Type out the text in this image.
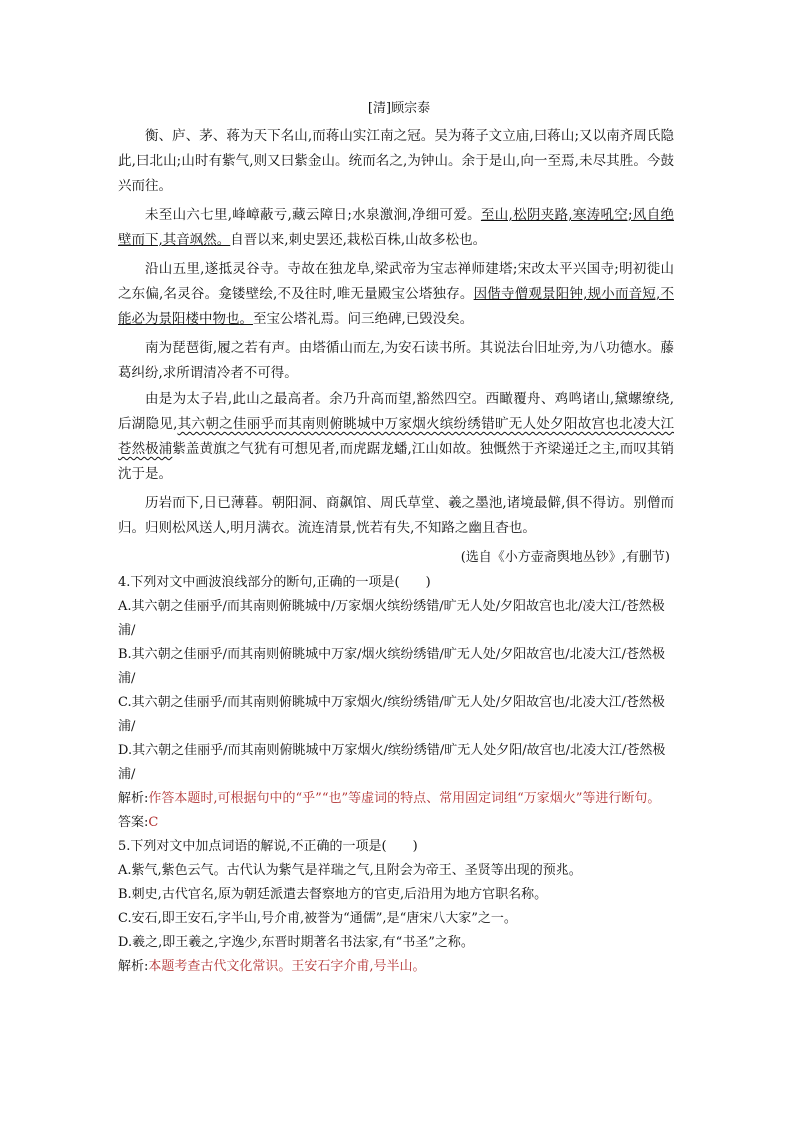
[清]顾宗泰

衡、庐、茅、蒋为天下名山,而蒋山实江南之冠。吴为蒋子文立庙,曰蒋山;又以南齐周氏隐此,曰北山;山时有紫气,则又曰紫金山。统而名之,为钟山。余于是山,向一至焉,未尽其胜。今鼓兴而往。

未至山六七里,峰嶂蔽亏,藏云障日;水泉激涧,净细可爱。至山,松阴夹路,寒涛吼空;风自绝壁而下,其音飒然。自晋以来,刺史罢还,栽松百株,山故多松也。

沿山五里,遂抵灵谷寺。寺故在独龙阜,梁武帝为宝志禅师建塔;宋改太平兴国寺;明初徙山之东偏,名灵谷。龛镂壁绘,不及往时,唯无量殿宝公塔独存。因偕寺僧观景阳钟,规小而音短,不能必为景阳楼中物也。至宝公塔礼焉。问三绝碑,已毁没矣。

南为琵琶街,履之若有声。由塔循山而左,为安石读书所。其说法台旧址旁,为八功德水。藤葛纠纷,求所谓清冷者不可得。

由是为太子岩,此山之最高者。余乃升高而望,豁然四空。西瞰覆舟、鸡鸣诸山,黛螺缭绕,后湖隐见,其六朝之佳丽乎而其南则俯眺城中万家烟火缤纷绣错旷无人处夕阳故宫也北凌大江苍然极浦紫盖黄旗之气犹有可想见者,而虎踞龙蟠,江山如故。独慨然于齐梁递迁之主,而叹其销沈于是。

历岩而下,日已薄暮。朝阳洞、商飙馆、周氏草堂、羲之墨池,诸境最僻,俱不得访。别僧而归。归则松风送人,明月满衣。流连清景,恍若有失,不知路之幽且杳也。

(选自《小方壶斋舆地丛钞》,有删节)

4.下列对文中画波浪线部分的断句,正确的一项是(　　)

A.其六朝之佳丽乎/而其南则俯眺城中/万家烟火缤纷绣错/旷无人处/夕阳故宫也北/凌大江/苍然极浦/

B.其六朝之佳丽乎/而其南则俯眺城中万家/烟火缤纷绣错/旷无人处/夕阳故宫也/北凌大江/苍然极浦/

C.其六朝之佳丽乎/而其南则俯眺城中万家烟火/缤纷绣错/旷无人处/夕阳故宫也/北凌大江/苍然极浦/

D.其六朝之佳丽乎/而其南则俯眺城中万家烟火/缤纷绣错/旷无人处夕阳/故宫也/北凌大江/苍然极浦/

解析:作答本题时,可根据句中的“乎”“也”等虚词的特点、常用固定词组“万家烟火”等进行断句。

答案:C

5.下列对文中加点词语的解说,不正确的一项是(　　)

A.紫气,紫色云气。古代认为紫气是祥瑞之气,且附会为帝王、圣贤等出现的预兆。

B.刺史,古代官名,原为朝廷派遣去督察地方的官吏,后沿用为地方官职名称。

C.安石,即王安石,字半山,号介甫,被誉为“通儒”,是“唐宋八大家”之一。

D.羲之,即王羲之,字逸少,东晋时期著名书法家,有“书圣”之称。

解析:本题考查古代文化常识。王安石字介甫,号半山。
